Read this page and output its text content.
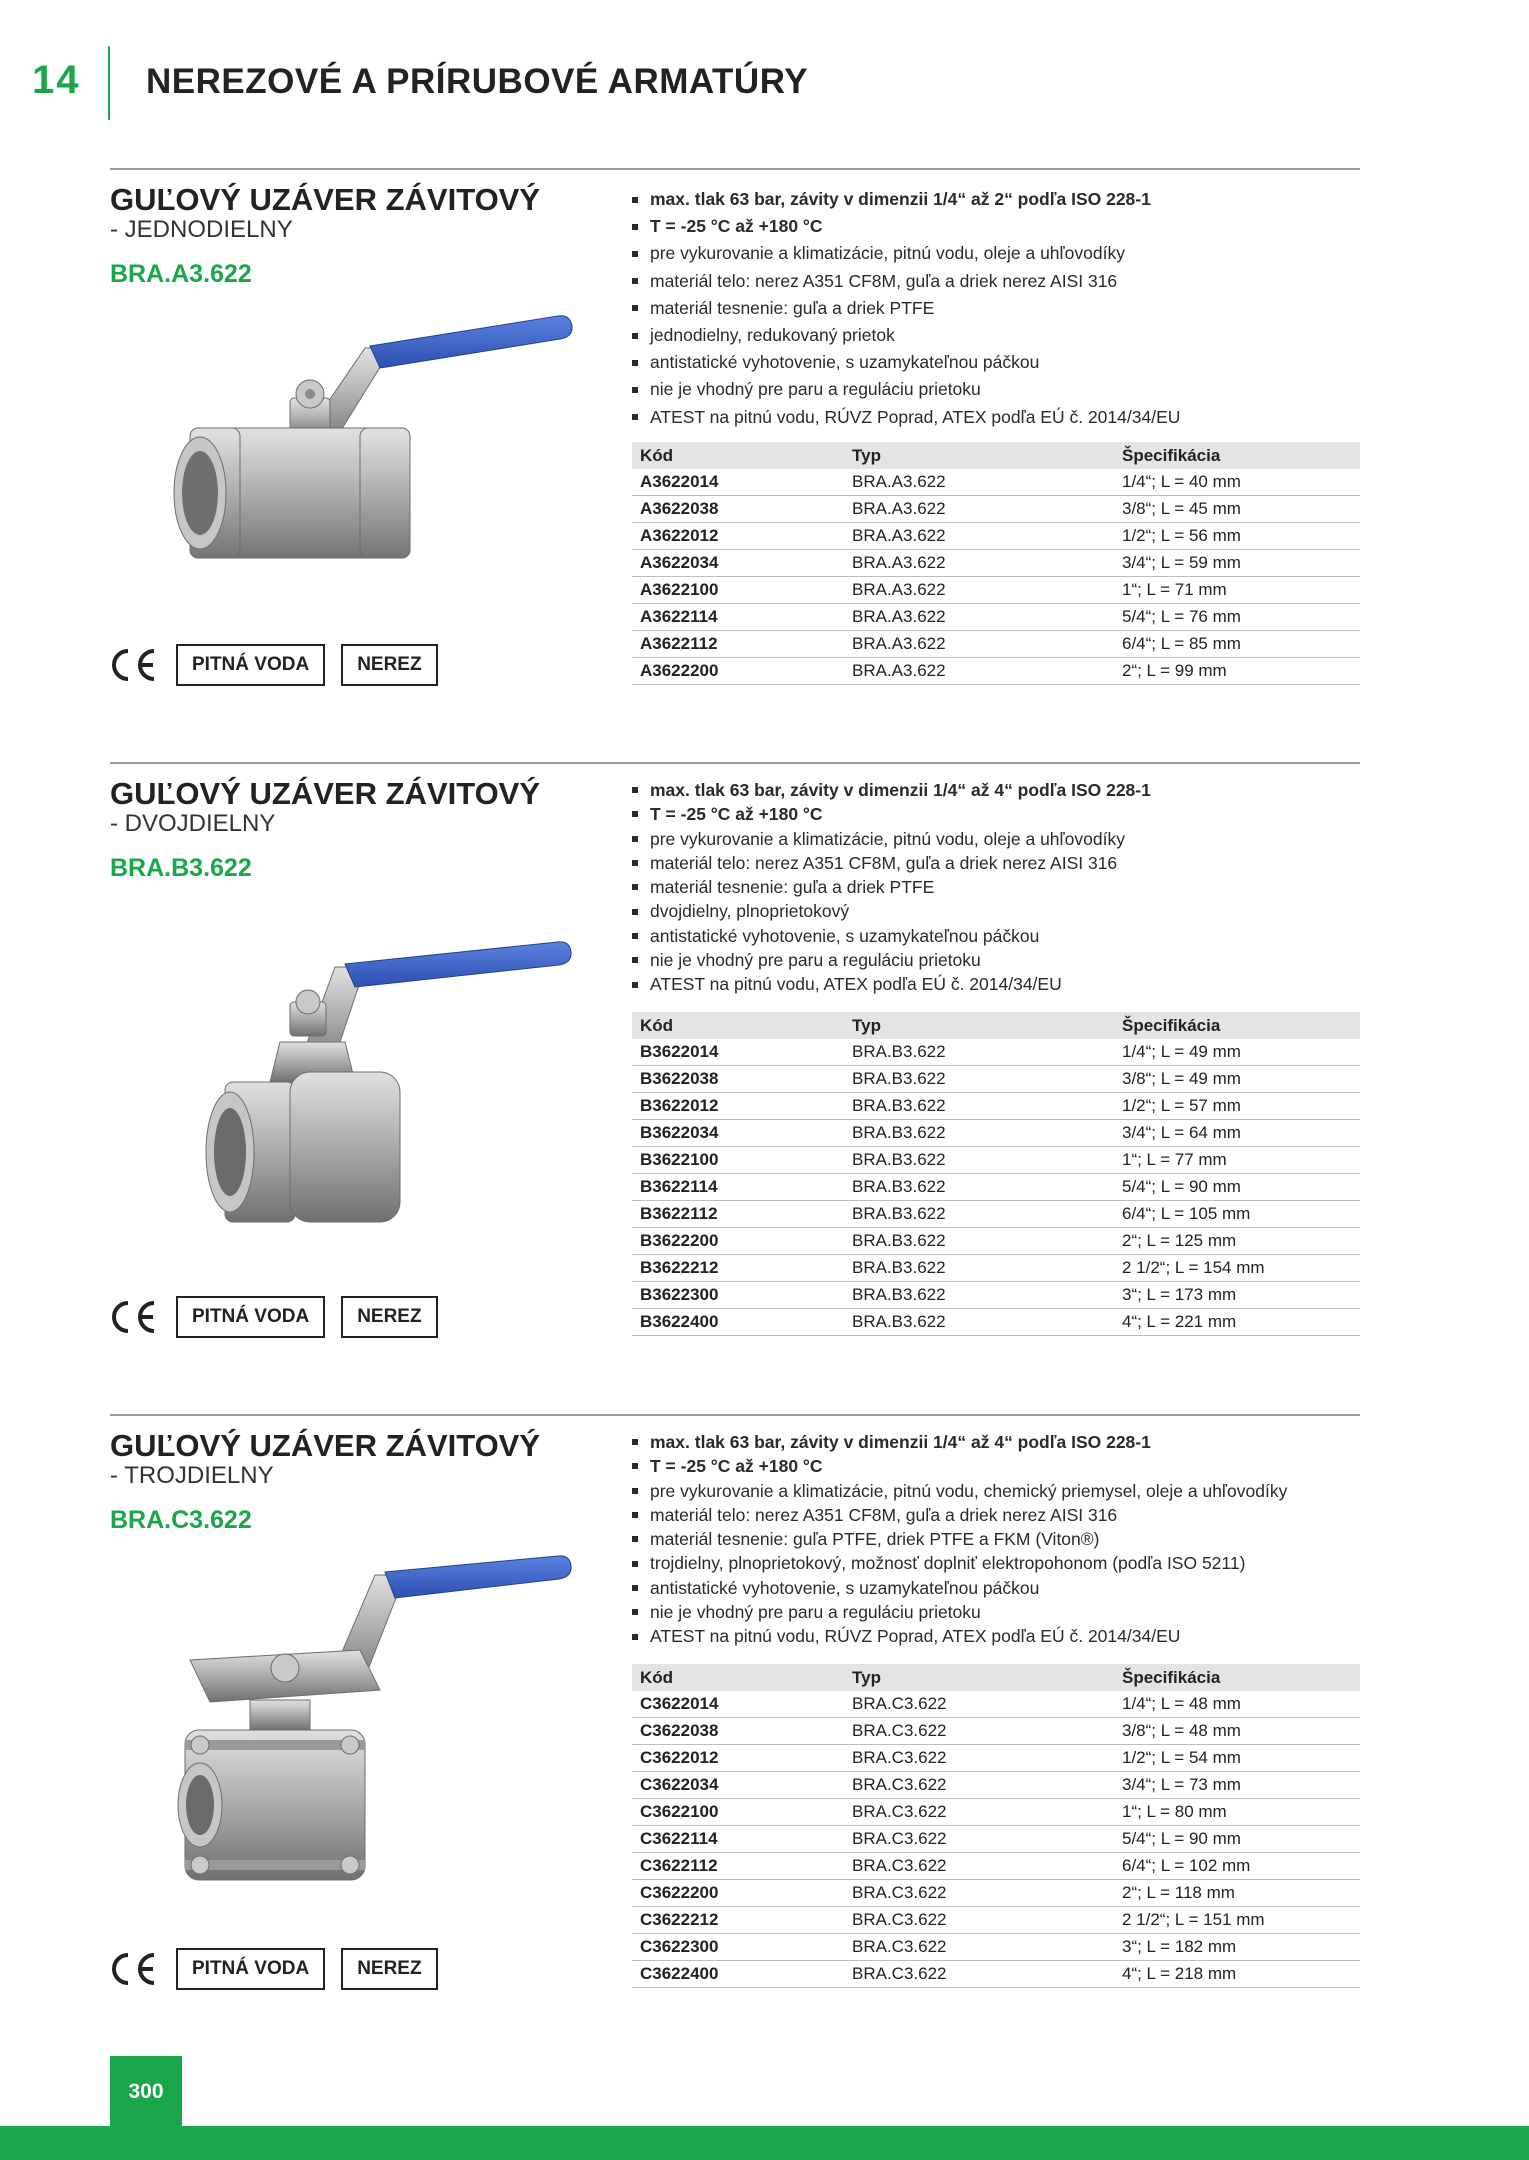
14 NEREZOVÉ A PRÍRUBOVÉ ARMATÚRY
GUĽOVÝ UZÁVER ZÁVITOVÝ
- JEDNODIELNY
BRA.A3.622
PITNÁ VODA	NEREZ
max. tlak 63 bar, závity v dimenzii 1/4“ až 2“ podľa ISO 228-1
T = -25 °C až +180 °C
pre vykurovanie a klimatizácie, pitnú vodu, oleje a uhľovodíky
materiál telo: nerez A351 CF8M, guľa a driek nerez AISI 316
materiál tesnenie: guľa a driek PTFE
jednodielny, redukovaný prietok
antistatické vyhotovenie, s uzamykateľnou páčkou
nie je vhodný pre paru a reguláciu prietoku
ATEST na pitnú vodu, RÚVZ Poprad, ATEX podľa EÚ č. 2014/34/EU
Kód	Typ	Špecifikácia
A3622014	BRA.A3.622	1/4“; L = 40 mm
A3622038	BRA.A3.622	3/8“; L = 45 mm
A3622012	BRA.A3.622	1/2“; L = 56 mm
A3622034	BRA.A3.622	3/4“; L = 59 mm
A3622100	BRA.A3.622	1“; L = 71 mm
A3622114	BRA.A3.622	5/4“; L = 76 mm
A3622112	BRA.A3.622	6/4“; L = 85 mm
A3622200	BRA.A3.622	2“; L = 99 mm
GUĽOVÝ UZÁVER ZÁVITOVÝ
- DVOJDIELNY
BRA.B3.622
PITNÁ VODA	NEREZ
max. tlak 63 bar, závity v dimenzii 1/4“ až 4“ podľa ISO 228-1
T = -25 °C až +180 °C
pre vykurovanie a klimatizácie, pitnú vodu, oleje a uhľovodíky
materiál telo: nerez A351 CF8M, guľa a driek nerez AISI 316
materiál tesnenie: guľa a driek PTFE
dvojdielny, plnoprietokový
antistatické vyhotovenie, s uzamykateľnou páčkou
nie je vhodný pre paru a reguláciu prietoku
ATEST na pitnú vodu, ATEX podľa EÚ č. 2014/34/EU
Kód	Typ	Špecifikácia
B3622014	BRA.B3.622	1/4“; L = 49 mm
B3622038	BRA.B3.622	3/8“; L = 49 mm
B3622012	BRA.B3.622	1/2“; L = 57 mm
B3622034	BRA.B3.622	3/4“; L = 64 mm
B3622100	BRA.B3.622	1“; L = 77 mm
B3622114	BRA.B3.622	5/4“; L = 90 mm
B3622112	BRA.B3.622	6/4“; L = 105 mm
B3622200	BRA.B3.622	2“; L = 125 mm
B3622212	BRA.B3.622	2 1/2“; L = 154 mm
B3622300	BRA.B3.622	3“; L = 173 mm
B3622400	BRA.B3.622	4“; L = 221 mm
GUĽOVÝ UZÁVER ZÁVITOVÝ
- TROJDIELNY
BRA.C3.622
PITNÁ VODA	NEREZ
max. tlak 63 bar, závity v dimenzii 1/4“ až 4“ podľa ISO 228-1
T = -25 °C až +180 °C
pre vykurovanie a klimatizácie, pitnú vodu, chemický priemysel, oleje a uhľovodíky
materiál telo: nerez A351 CF8M, guľa a driek nerez AISI 316
materiál tesnenie: guľa PTFE, driek PTFE a FKM (Viton®)
trojdielny, plnoprietokový, možnosť doplniť elektropohonom (podľa ISO 5211)
antistatické vyhotovenie, s uzamykateľnou páčkou
nie je vhodný pre paru a reguláciu prietoku
ATEST na pitnú vodu, RÚVZ Poprad, ATEX podľa EÚ č. 2014/34/EU
Kód	Typ	Špecifikácia
C3622014	BRA.C3.622	1/4“; L = 48 mm
C3622038	BRA.C3.622	3/8“; L = 48 mm
C3622012	BRA.C3.622	1/2“; L = 54 mm
C3622034	BRA.C3.622	3/4“; L = 73 mm
C3622100	BRA.C3.622	1“; L = 80 mm
C3622114	BRA.C3.622	5/4“; L = 90 mm
C3622112	BRA.C3.622	6/4“; L = 102 mm
C3622200	BRA.C3.622	2“; L = 118 mm
C3622212	BRA.C3.622	2 1/2“; L = 151 mm
C3622300	BRA.C3.622	3“; L = 182 mm
C3622400	BRA.C3.622	4“; L = 218 mm
300
